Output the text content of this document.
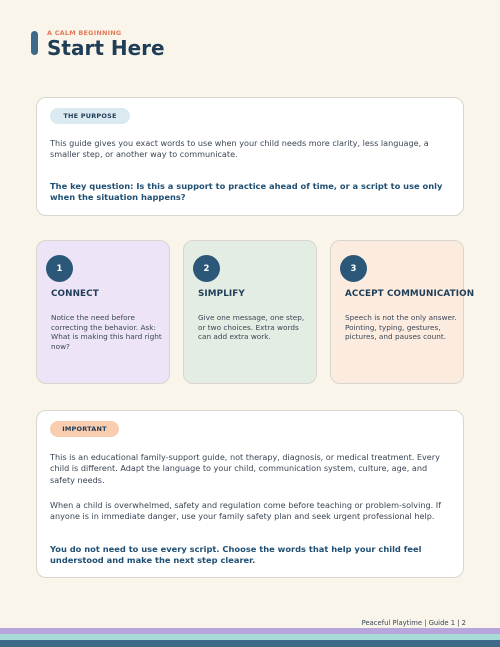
A CALM BEGINNING
Start Here
THE PURPOSE
This guide gives you exact words to use when your child needs more clarity, less language, a smaller step, or another way to communicate.
The key question: Is this a support to practice ahead of time, or a script to use only when the situation happens?
1
CONNECT
Notice the need before correcting the behavior. Ask: What is making this hard right now?
2
SIMPLIFY
Give one message, one step, or two choices. Extra words can add extra work.
3
ACCEPT COMMUNICATION
Speech is not the only answer. Pointing, typing, gestures, pictures, and pauses count.
IMPORTANT
This is an educational family-support guide, not therapy, diagnosis, or medical treatment. Every child is different. Adapt the language to your child, communication system, culture, age, and safety needs.
When a child is overwhelmed, safety and regulation come before teaching or problem-solving. If anyone is in immediate danger, use your family safety plan and seek urgent professional help.
You do not need to use every script. Choose the words that help your child feel understood and make the next step clearer.
Peaceful Playtime | Guide 1 | 2
